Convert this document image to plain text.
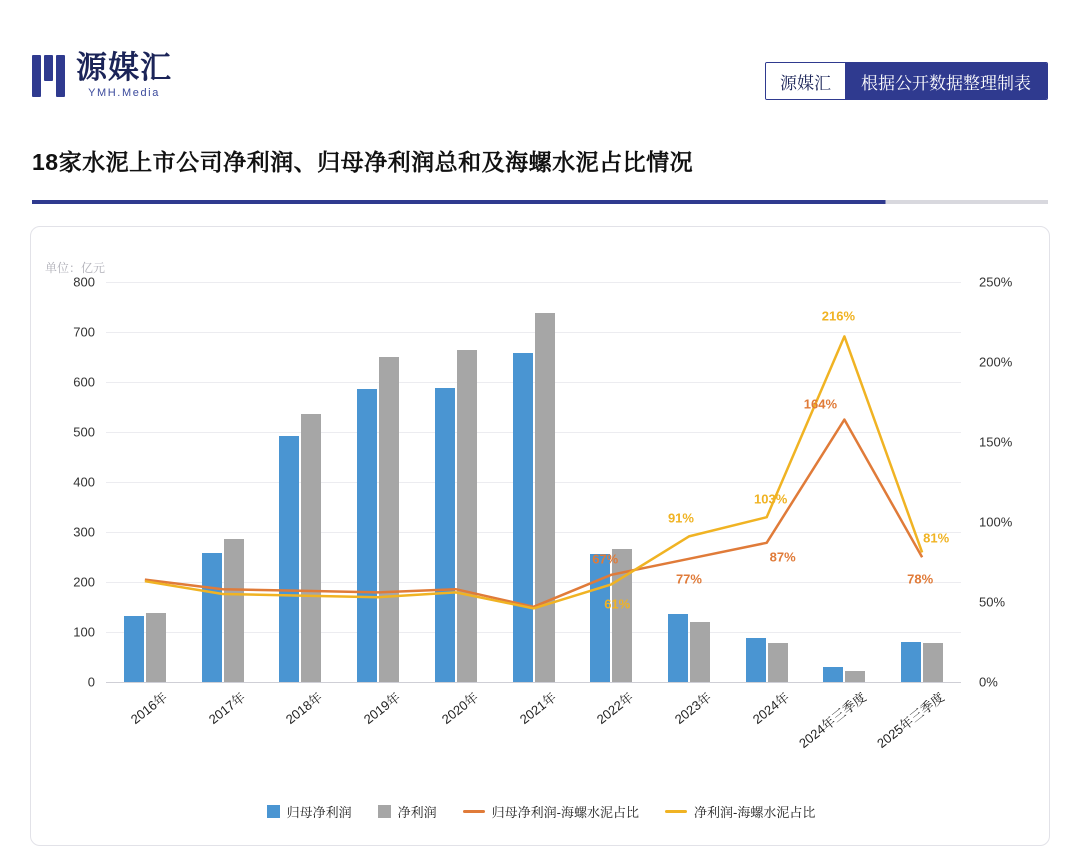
源媒汇
YMH.Media
源媒汇	根据公开数据整理制表
18家水泥上市公司净利润、归母净利润总和及海螺水泥占比情况
单位：亿元
0
100
200
300
400
500
600
700
800
0%
50%
100%
150%
200%
250%
2016年	2017年	2018年	2019年	2020年	2021年	2022年	2023年	2024年 2024年三季度 2025年三季度
归母净利润	净利润	归母净利润-海螺水泥占比	净利润-海螺水泥占比
67%
77%
87%
164%
78%
61%
91%
103%
216%
81%
